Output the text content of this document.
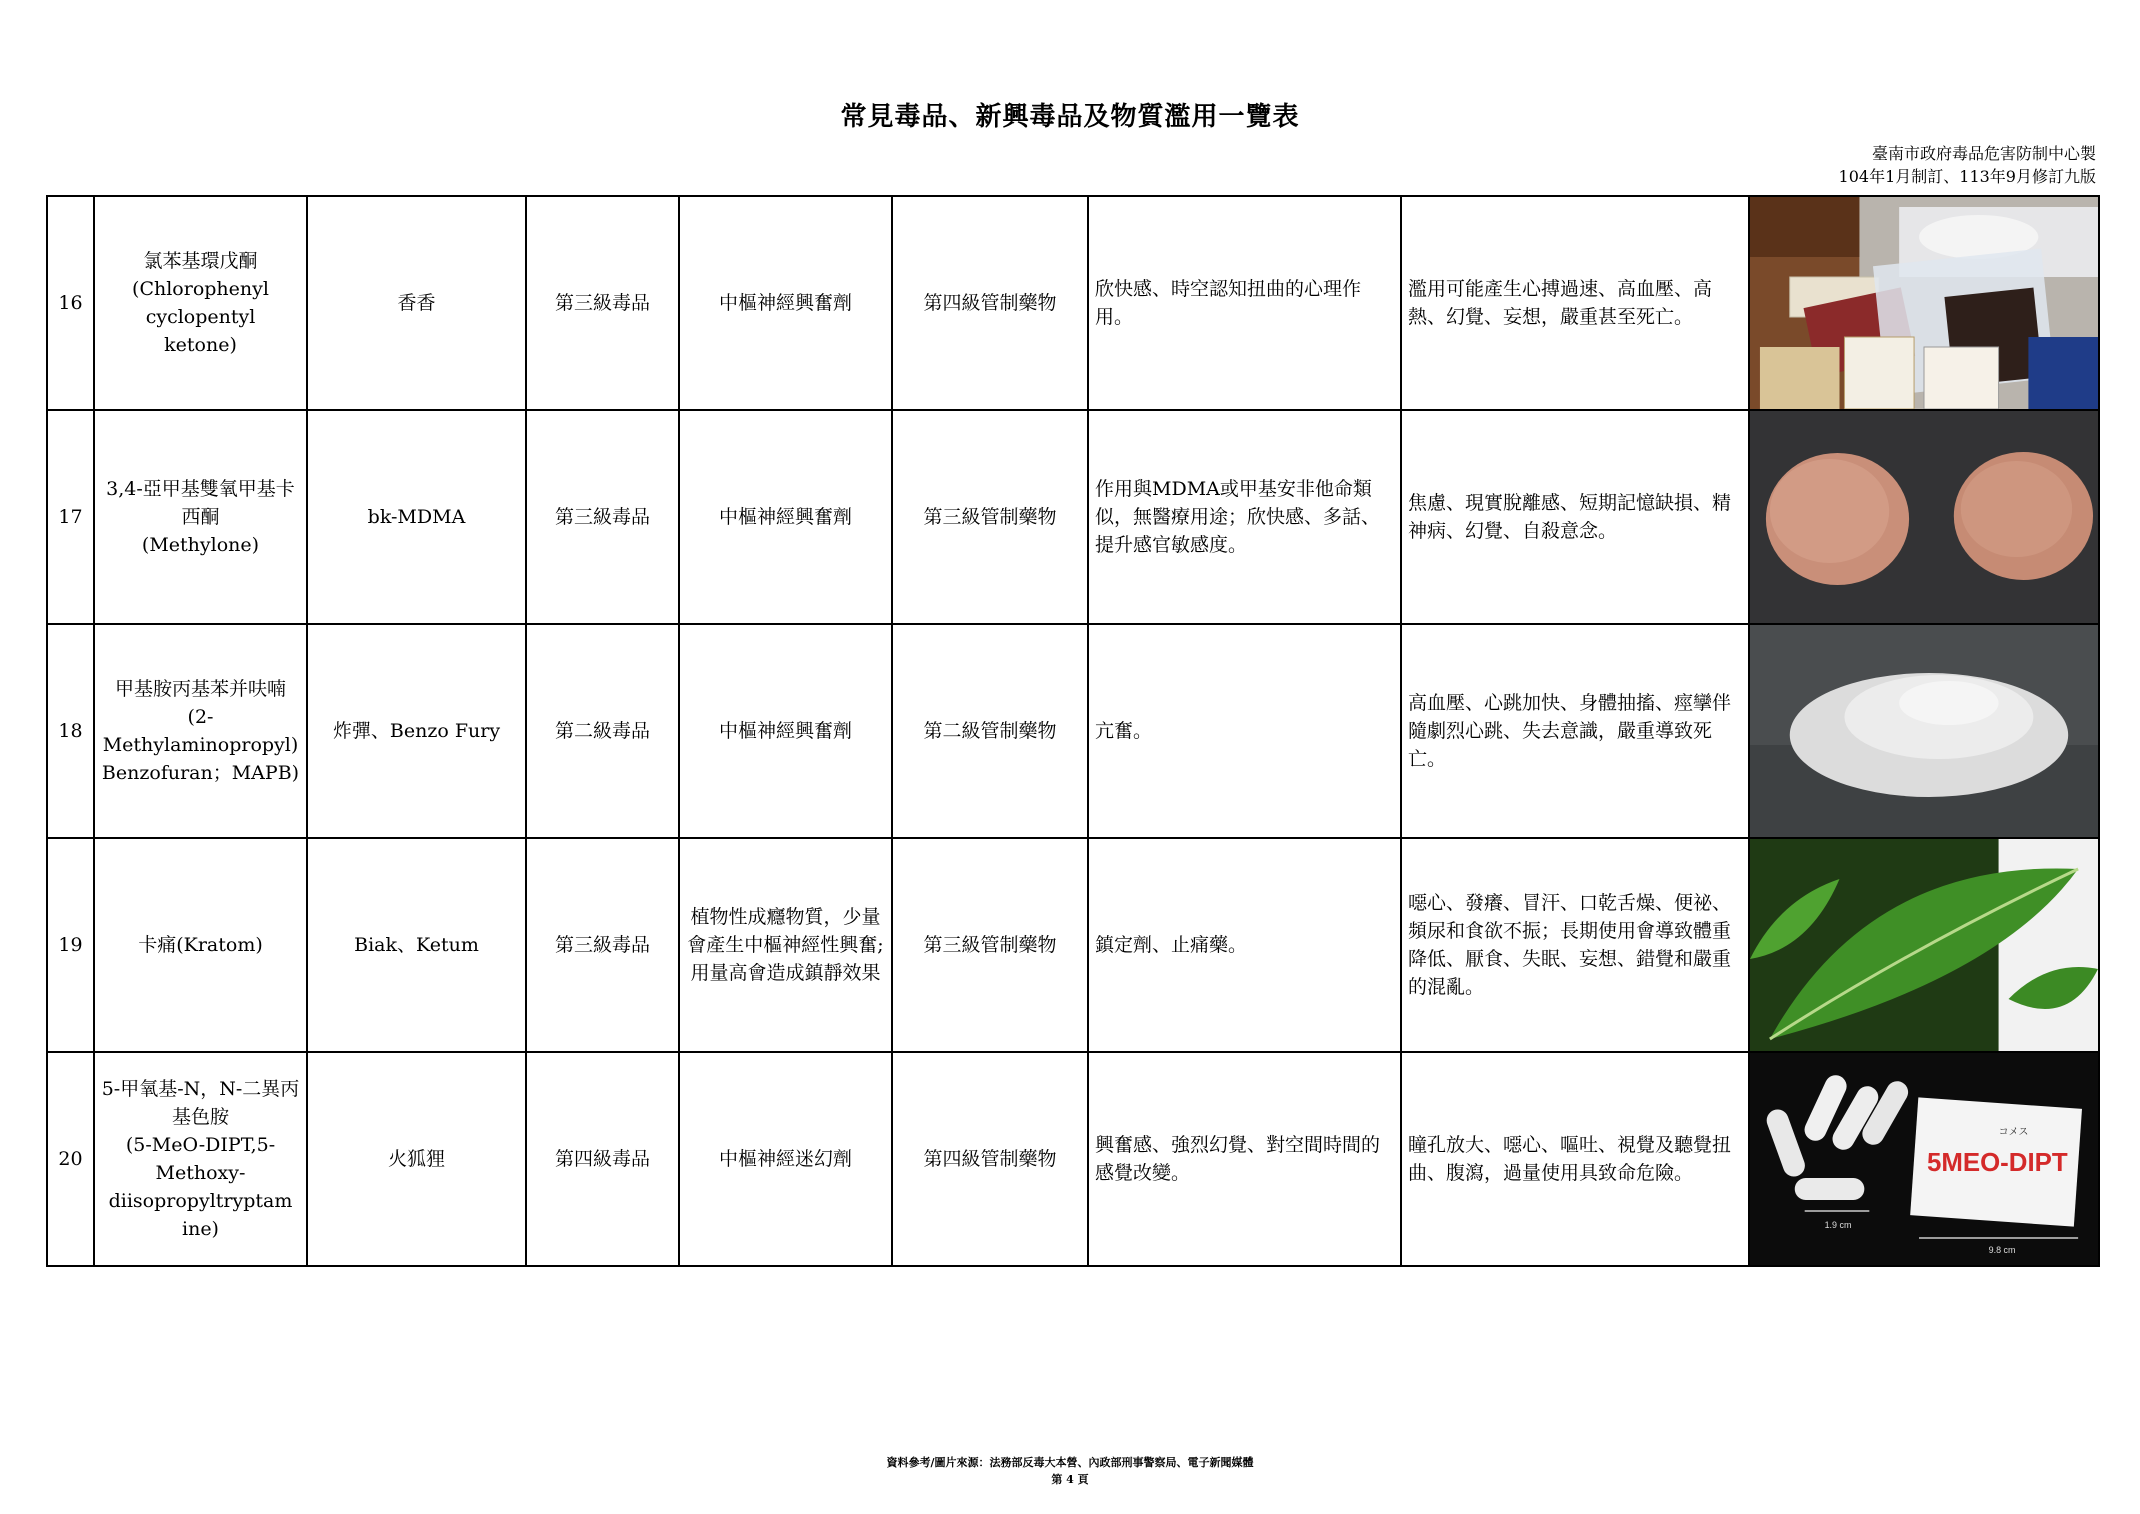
常見毒品、新興毒品及物質濫用一覽表
臺南市政府毒品危害防制中心製
104年1月制訂、113年9月修訂九版
16	氯苯基環戊酮
(Chlorophenyl
cyclopentyl
ketone)	香香	第三級毒品	中樞神經興奮劑	第四級管制藥物	欣快感、時空認知扭曲的心理作用。	濫用可能產生心搏過速、高血壓、高熱、幻覺、妄想，嚴重甚至死亡。	

17	3,4-亞甲基雙氧甲基卡西酮
(Methylone)	bk-MDMA	第三級毒品	中樞神經興奮劑	第三級管制藥物	作用與MDMA或甲基安非他命類似，無醫療用途；欣快感、多話、提升感官敏感度。	焦慮、現實脫離感、短期記憶缺損、精神病、幻覺、自殺意念。	

18	甲基胺丙基苯并呋喃
(2-
Methylaminopropyl)
Benzofuran；MAPB)	炸彈、Benzo Fury	第二級毒品	中樞神經興奮劑	第二級管制藥物	亢奮。	高血壓、心跳加快、身體抽搐、痙攣伴隨劇烈心跳、失去意識，嚴重導致死亡。	

19	卡痛(Kratom)	Biak、Ketum	第三級毒品	植物性成癮物質，少量會產生中樞神經性興奮;用量高會造成鎮靜效果	第三級管制藥物	鎮定劑、止痛藥。	噁心、發癢、冒汗、口乾舌燥、便祕、頻尿和食欲不振；長期使用會導致體重降低、厭食、失眠、妄想、錯覺和嚴重的混亂。	

20	5-甲氧基-N，N-二異丙基色胺
(5-MeO-DIPT,5-
Methoxy-
diisopropyltryptam
ine)	火狐狸	第四級毒品	中樞神經迷幻劑	第四級管制藥物	興奮感、強烈幻覺、對空間時間的感覺改變。	瞳孔放大、噁心、嘔吐、視覺及聽覺扭曲、腹瀉，過量使用具致命危險。	5MEO-DIPT
コメス
1.9 cm
9.8 cm
資料參考/圖片來源：法務部反毒大本營、內政部刑事警察局、電子新聞媒體
第 4 頁
